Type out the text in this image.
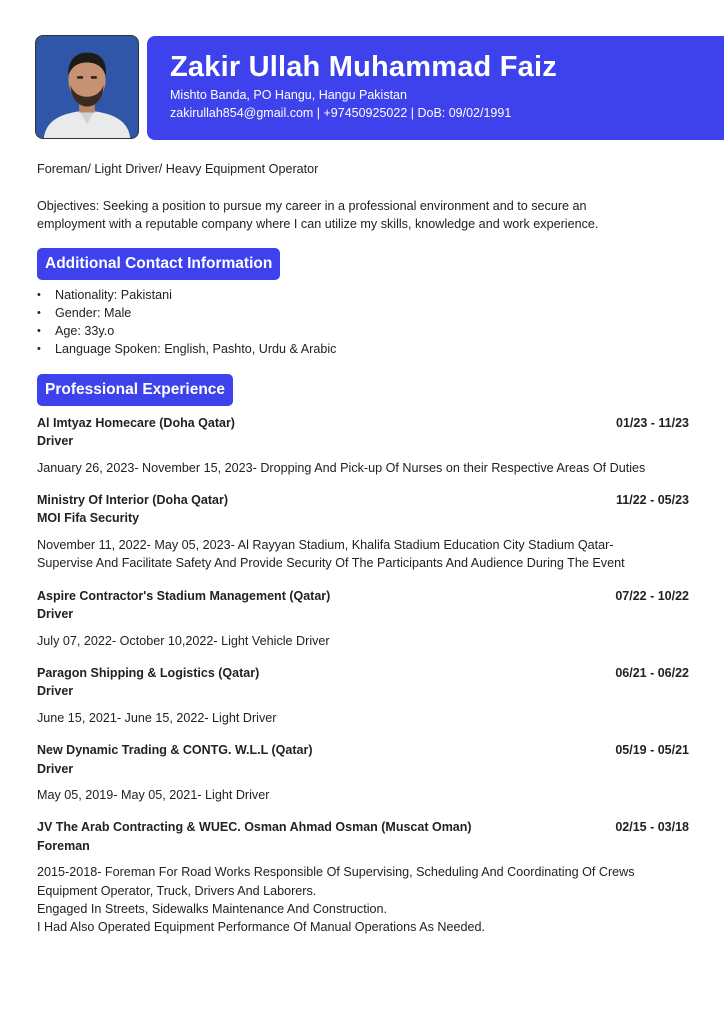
Zakir Ullah Muhammad Faiz
Mishto Banda, PO Hangu, Hangu Pakistan
zakirullah854@gmail.com | +97450925022 | DoB: 09/02/1991

Foreman/ Light Driver/ Heavy Equipment Operator

Objectives: Seeking a position to pursue my career in a professional environment and to secure an
employment with a reputable company where I can utilize my skills, knowledge and work experience.
Additional Contact Information
• Nationality: Pakistani
• Gender: Male
• Age: 33y.o
• Language Spoken: English, Pashto, Urdu & Arabic
Professional Experience
Al Imtyaz Homecare (Doha Qatar)	01/23 - 11/23
Driver
January 26, 2023- November 15, 2023- Dropping And Pick-up Of Nurses on their Respective Areas Of Duties
Ministry Of Interior (Doha Qatar)	11/22 - 05/23
MOI Fifa Security
November 11, 2022- May 05, 2023- Al Rayyan Stadium, Khalifa Stadium Education City Stadium Qatar-
Supervise And Facilitate Safety And Provide Security Of The Participants And Audience During The Event
Aspire Contractor's Stadium Management (Qatar)	07/22 - 10/22
Driver
July 07, 2022- October 10,2022- Light Vehicle Driver
Paragon Shipping & Logistics (Qatar)	06/21 - 06/22
Driver
June 15, 2021- June 15, 2022- Light Driver
New Dynamic Trading & CONTG. W.L.L (Qatar)	05/19 - 05/21
Driver
May 05, 2019- May 05, 2021- Light Driver
JV The Arab Contracting & WUEC. Osman Ahmad Osman (Muscat Oman)	02/15 - 03/18
Foreman
2015-2018- Foreman For Road Works Responsible Of Supervising, Scheduling And Coordinating Of Crews
Equipment Operator, Truck, Drivers And Laborers.
Engaged In Streets, Sidewalks Maintenance And Construction.
I Had Also Operated Equipment Performance Of Manual Operations As Needed.
